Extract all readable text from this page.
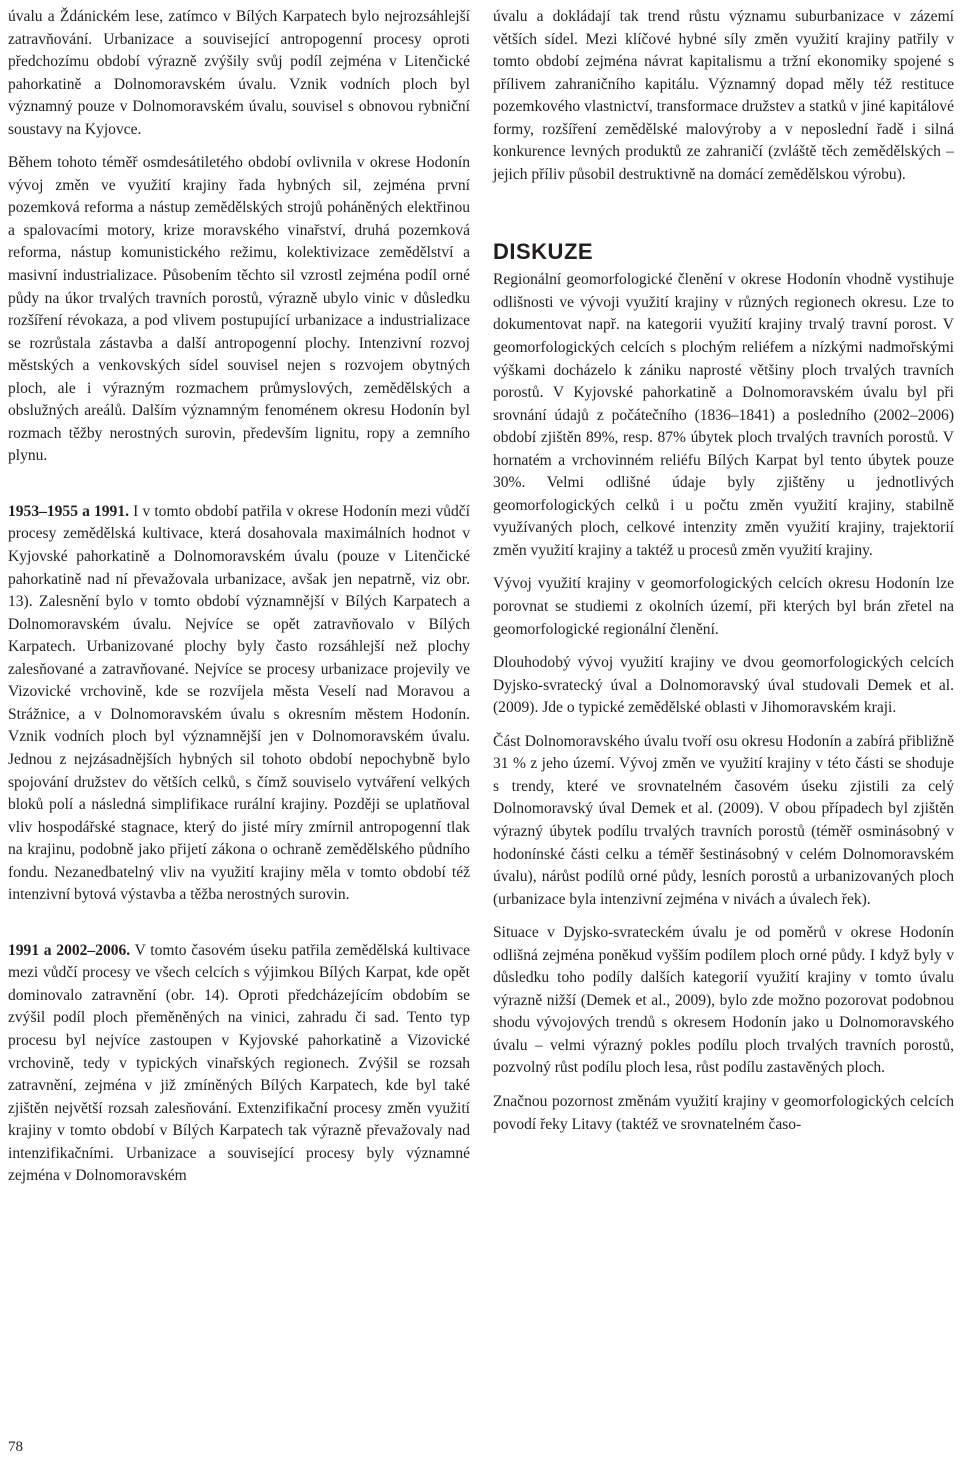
úvalu a Ždánickém lese, zatímco v Bílých Karpatech bylo nejrozsáhlejší zatravňování. Urbanizace a související antropogenní procesy oproti předchozímu období výrazně zvýšily svůj podíl zejména v Litenčické pahorkatině a Dolnomoravském úvalu. Vznik vodních ploch byl významný pouze v Dolnomoravském úvalu, souvisel s obnovou rybniční soustavy na Kyjovce.

Během tohoto téměř osmdesátiletého období ovlivnila v okrese Hodonín vývoj změn ve využití krajiny řada hybných sil, zejména první pozemková reforma a nástup zemědělských strojů poháněných elektřinou a spalovacími motory, krize moravského vinařství, druhá pozemková reforma, nástup komunistického režimu, kolektivizace zemědělství a masivní industrializace. Působením těchto sil vzrostl zejména podíl orné půdy na úkor trvalých travních porostů, výrazně ubylo vinic v důsledku rozšíření révokaza, a pod vlivem postupující urbanizace a industrializace se rozrůstala zástavba a další antropogenní plochy. Intenzivní rozvoj městských a venkovských sídel souvisel nejen s rozvojem obytných ploch, ale i výrazným rozmachem průmyslových, zemědělských a obslužných areálů. Dalším významným fenoménem okresu Hodonín byl rozmach těžby nerostných surovin, především lignitu, ropy a zemního plynu.

1953–1955 a 1991. I v tomto období patřila v okrese Hodonín mezi vůdčí procesy zemědělská kultivace, která dosahovala maximálních hodnot v Kyjovské pahorkatině a Dolnomoravském úvalu (pouze v Litenčické pahorkatině nad ní převažovala urbanizace, avšak jen nepatrně, viz obr. 13). Zalesnění bylo v tomto období významnější v Bílých Karpatech a Dolnomoravském úvalu. Nejvíce se opět zatravňovalo v Bílých Karpatech. Urbanizované plochy byly často rozsáhlejší než plochy zalesňované a zatravňované. Nejvíce se procesy urbanizace projevily ve Vizovické vrchovině, kde se rozvíjela města Veselí nad Moravou a Strážnice, a v Dolnomoravském úvalu s okresním městem Hodonín. Vznik vodních ploch byl významnější jen v Dolnomoravském úvalu. Jednou z nejzásadnějších hybných sil tohoto období nepochybně bylo spojování družstev do větších celků, s čímž souviselo vytváření velkých bloků polí a následná simplifikace rurální krajiny. Později se uplatňoval vliv hospodářské stagnace, který do jisté míry zmírnil antropogenní tlak na krajinu, podobně jako přijetí zákona o ochraně zemědělského půdního fondu. Nezanedbatelný vliv na využití krajiny měla v tomto období též intenzivní bytová výstavba a těžba nerostných surovin.

1991 a 2002–2006. V tomto časovém úseku patřila zemědělská kultivace mezi vůdčí procesy ve všech celcích s výjimkou Bílých Karpat, kde opět dominovalo zatravnění (obr. 14). Oproti předcházejícím obdobím se zvýšil podíl ploch přeměněných na vinici, zahradu či sad. Tento typ procesu byl nejvíce zastoupen v Kyjovské pahorkatině a Vizovické vrchovině, tedy v typických vinařských regionech. Zvýšil se rozsah zatravnění, zejména v již zmíněných Bílých Karpatech, kde byl také zjištěn největší rozsah zalesňování. Extenzifikační procesy změn využití krajiny v tomto období v Bílých Karpatech tak výrazně převažovaly nad intenzifikačními. Urbanizace a související procesy byly významné zejména v Dolnomoravském

úvalu a dokládají tak trend růstu významu suburbanizace v zázemí větších sídel. Mezi klíčové hybné síly změn využití krajiny patřily v tomto období zejména návrat kapitalismu a tržní ekonomiky spojené s přílivem zahraničního kapitálu. Významný dopad měly též restituce pozemkového vlastnictví, transformace družstev a statků v jiné kapitálové formy, rozšíření zemědělské malovýroby a v neposlední řadě i silná konkurence levných produktů ze zahraničí (zvláště těch zemědělských – jejich příliv působil destruktivně na domácí zemědělskou výrobu).

DISKUZE

Regionální geomorfologické členění v okrese Hodonín vhodně vystihuje odlišnosti ve vývoji využití krajiny v různých regionech okresu. Lze to dokumentovat např. na kategorii využití krajiny trvalý travní porost. V geomorfologických celcích s plochým reliéfem a nízkými nadmořskými výškami docházelo k zániku naprosté většiny ploch trvalých travních porostů. V Kyjovské pahorkatině a Dolnomoravském úvalu byl při srovnání údajů z počátečního (1836–1841) a posledního (2002–2006) období zjištěn 89%, resp. 87% úbytek ploch trvalých travních porostů. V hornatém a vrchovinném reliéfu Bílých Karpat byl tento úbytek pouze 30%. Velmi odlišné údaje byly zjištěny u jednotlivých geomorfologických celků i u počtu změn využití krajiny, stabilně využívaných ploch, celkové intenzity změn využití krajiny, trajektorií změn využití krajiny a taktéž u procesů změn využití krajiny.

Vývoj využití krajiny v geomorfologických celcích okresu Hodonín lze porovnat se studiemi z okolních území, při kterých byl brán zřetel na geomorfologické regionální členění.

Dlouhodobý vývoj využití krajiny ve dvou geomorfologických celcích Dyjsko-svratecký úval a Dolnomoravský úval studovali Demek et al. (2009). Jde o typické zemědělské oblasti v Jihomoravském kraji.

Část Dolnomoravského úvalu tvoří osu okresu Hodonín a zabírá přibližně 31 % z jeho území. Vývoj změn ve využití krajiny v této části se shoduje s trendy, které ve srovnatelném časovém úseku zjistili za celý Dolnomoravský úval Demek et al. (2009). V obou případech byl zjištěn výrazný úbytek podílu trvalých travních porostů (téměř osminásobný v hodonínské části celku a téměř šestinásobný v celém Dolnomoravském úvalu), nárůst podílů orné půdy, lesních porostů a urbanizovaných ploch (urbanizace byla intenzivní zejména v nivách a úvalech řek).

Situace v Dyjsko-svrateckém úvalu je od poměrů v okrese Hodonín odlišná zejména poněkud vyšším podílem ploch orné půdy. I když byly v důsledku toho podíly dalších kategorií využití krajiny v tomto úvalu výrazně nižší (Demek et al., 2009), bylo zde možno pozorovat podobnou shodu vývojových trendů s okresem Hodonín jako u Dolnomoravského úvalu – velmi výrazný pokles podílu ploch trvalých travních porostů, pozvolný růst podílu ploch lesa, růst podílu zastavěných ploch.

Značnou pozornost změnám využití krajiny v geomorfologických celcích povodí řeky Litavy (taktéž ve srovnatelném časo-

78
